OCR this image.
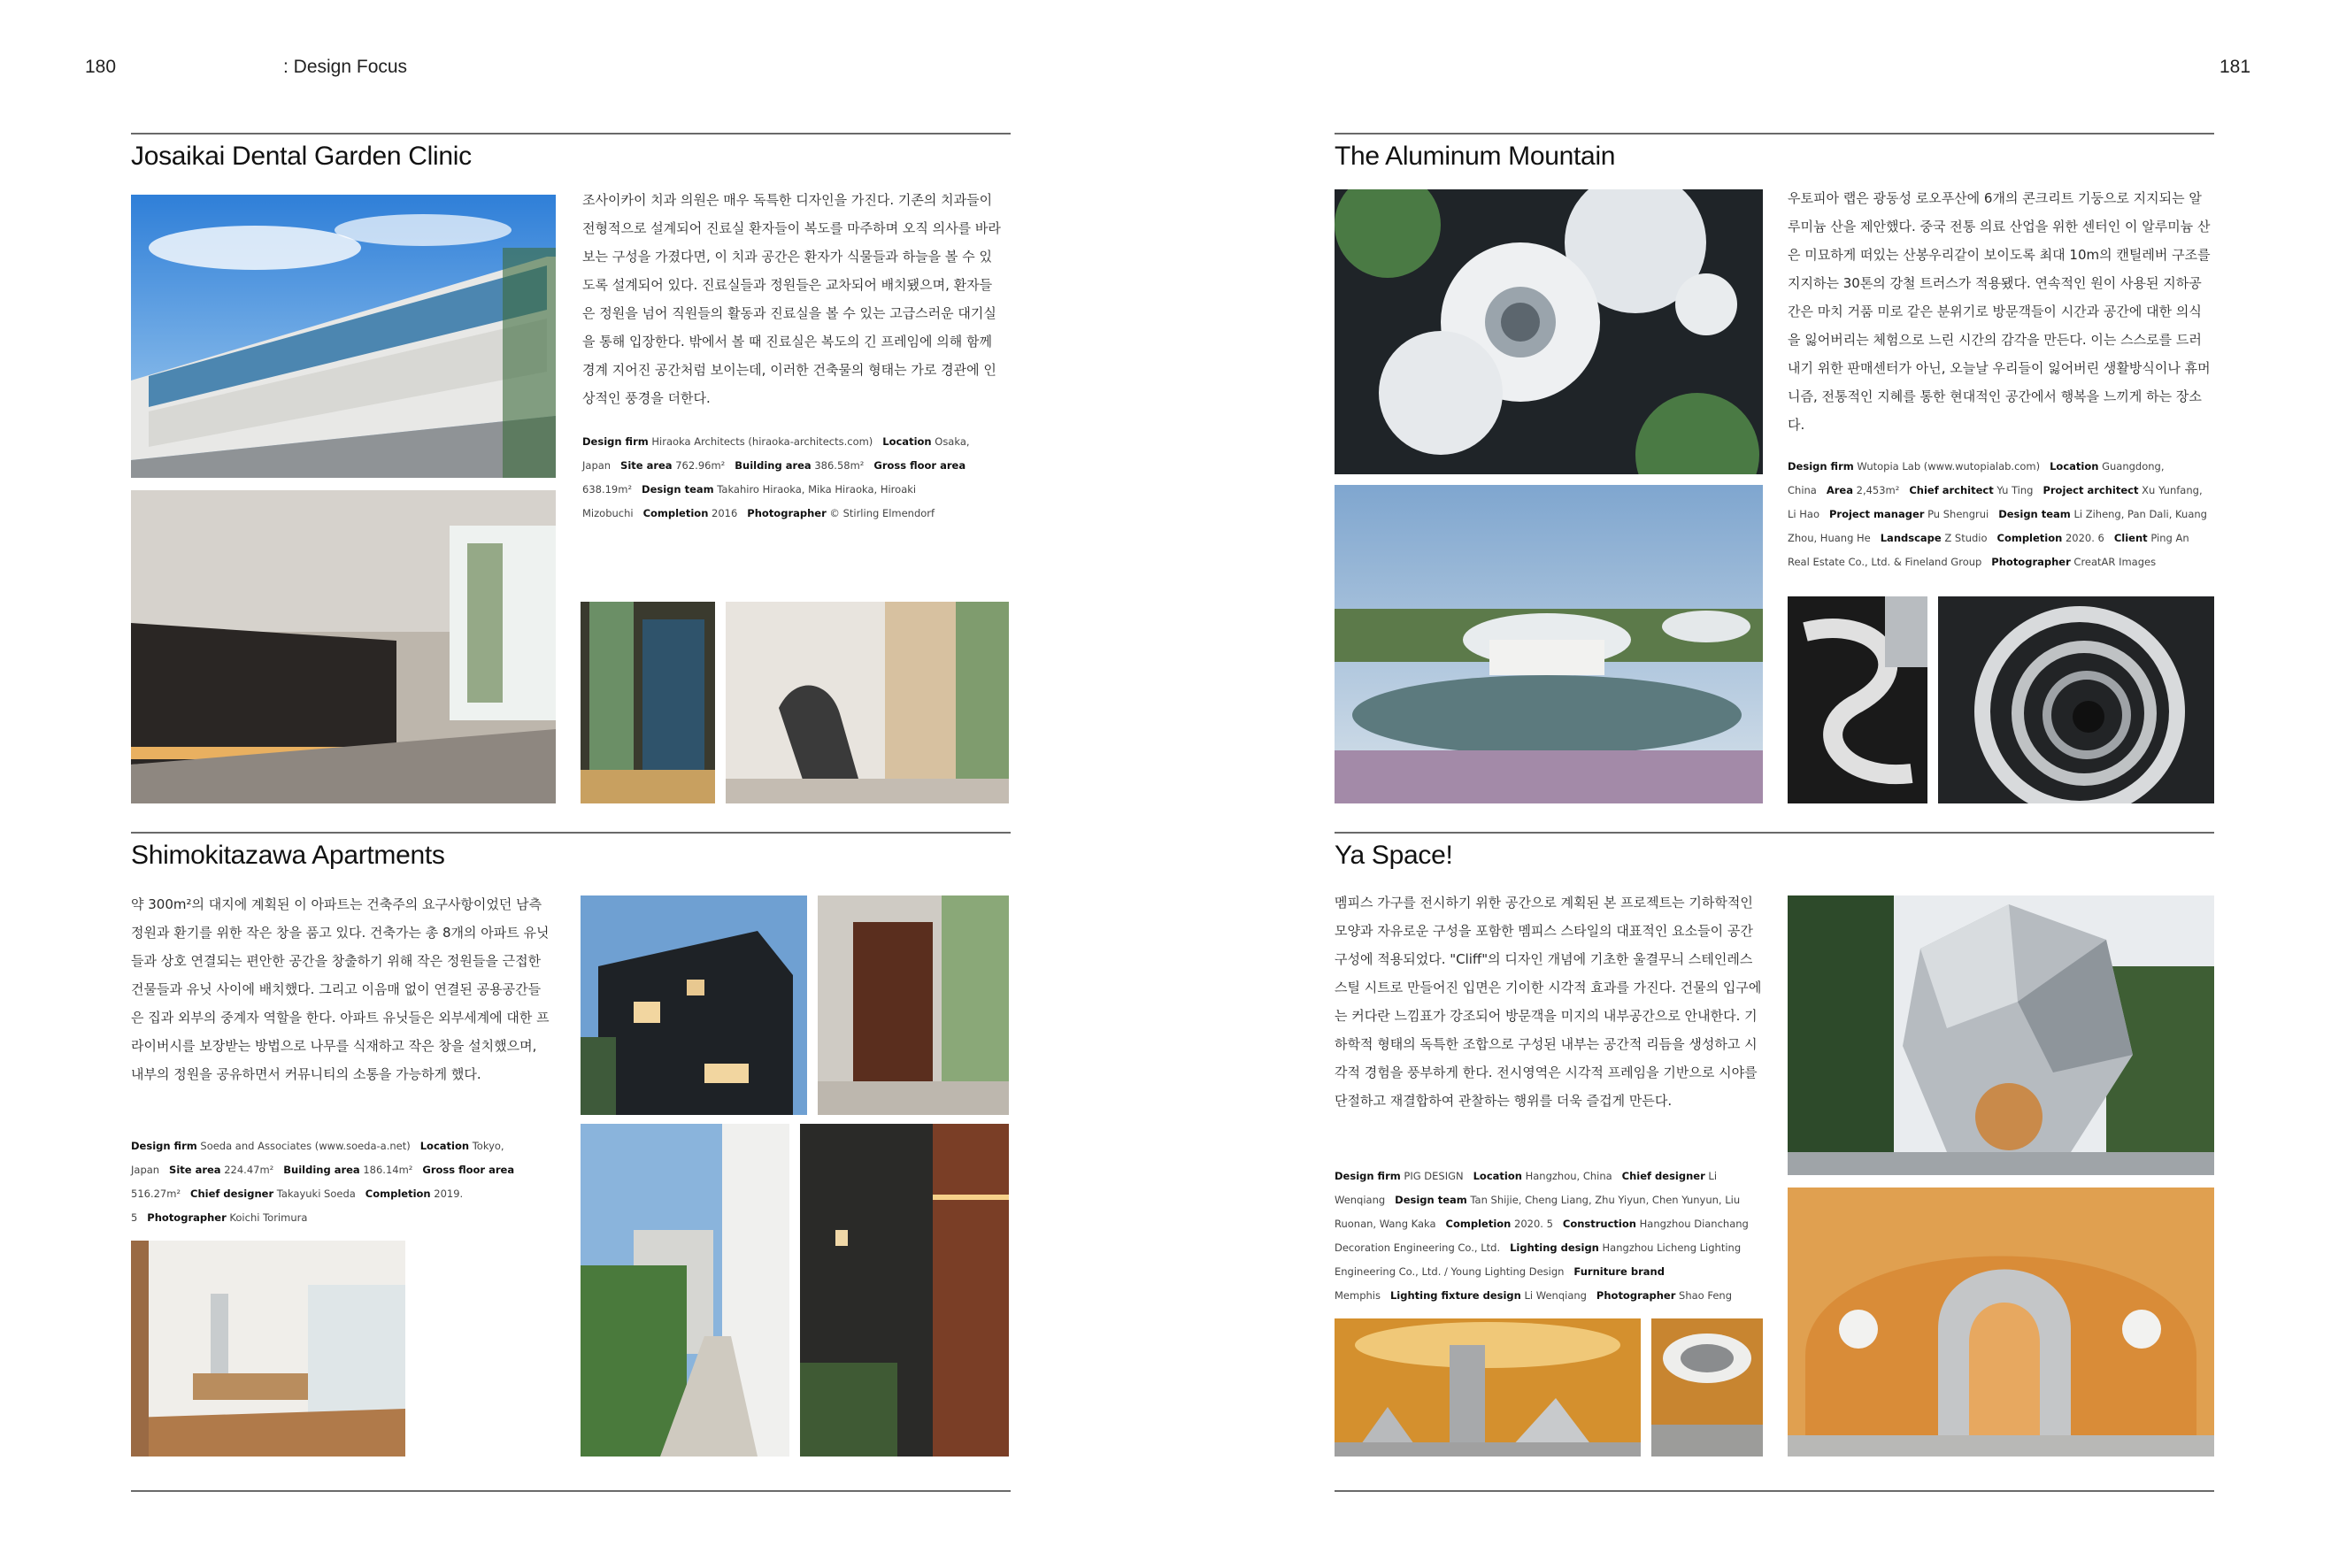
180	: Design Focus	181
Josaikai Dental Garden Clinic

조사이카이 치과 의원은 매우 독특한 디자인을 가진다. 기존의 치과들이 전형적으로 설계되어 진료실 환자들이 복도를 마주하며 오직 의사를 바라보는 구성을 가졌다면, 이 치과 공간은 환자가 식물들과 하늘을 볼 수 있도록 설계되어 있다. 진료실들과 정원들은 교차되어 배치됐으며, 환자들은 정원을 넘어 직원들의 활동과 진료실을 볼 수 있는 고급스러운 대기실을 통해 입장한다. 밖에서 볼 때 진료실은 복도의 긴 프레임에 의해 함께 경계 지어진 공간처럼 보이는데, 이러한 건축물의 형태는 가로 경관에 인상적인 풍경을 더한다.

Design firm Hiraoka Architects (hiraoka-architects.com) Location Osaka, Japan Site area 762.96m² Building area 386.58m² Gross floor area 638.19m² Design team Takahiro Hiraoka, Mika Hiraoka, Hiroaki Mizobuchi Completion 2016 Photographer © Stirling Elmendorf

The Aluminum Mountain

우토피아 랩은 광동성 로오푸산에 6개의 콘크리트 기둥으로 지지되는 알루미늄 산을 제안했다. 중국 전통 의료 산업을 위한 센터인 이 알루미늄 산은 미묘하게 떠있는 산봉우리같이 보이도록 최대 10m의 캔틸레버 구조를 지지하는 30톤의 강철 트러스가 적용됐다. 연속적인 원이 사용된 지하공간은 마치 거품 미로 같은 분위기로 방문객들이 시간과 공간에 대한 의식을 잃어버리는 체험으로 느린 시간의 감각을 만든다. 이는 스스로를 드러내기 위한 판매센터가 아닌, 오늘날 우리들이 잃어버린 생활방식이나 휴머니즘, 전통적인 지혜를 통한 현대적인 공간에서 행복을 느끼게 하는 장소다.

Design firm Wutopia Lab (www.wutopialab.com) Location Guangdong, China Area 2,453m² Chief architect Yu Ting Project architect Xu Yunfang, Li Hao Project manager Pu Shengrui Design team Li Ziheng, Pan Dali, Kuang Zhou, Huang He Landscape Z Studio Completion 2020. 6 Client Ping An Real Estate Co., Ltd. & Fineland Group Photographer CreatAR Images

Shimokitazawa Apartments

약 300m²의 대지에 계획된 이 아파트는 건축주의 요구사항이었던 남측 정원과 환기를 위한 작은 창을 품고 있다. 건축가는 총 8개의 아파트 유닛들과 상호 연결되는 편안한 공간을 창출하기 위해 작은 정원들을 근접한 건물들과 유닛 사이에 배치했다. 그리고 이음매 없이 연결된 공용공간들은 집과 외부의 중계자 역할을 한다. 아파트 유닛들은 외부세계에 대한 프라이버시를 보장받는 방법으로 나무를 식재하고 작은 창을 설치했으며, 내부의 정원을 공유하면서 커뮤니티의 소통을 가능하게 했다.

Design firm Soeda and Associates (www.soeda-a.net) Location Tokyo, Japan Site area 224.47m² Building area 186.14m² Gross floor area 516.27m² Chief designer Takayuki Soeda Completion 2019. 5 Photographer Koichi Torimura

Ya Space!

멤피스 가구를 전시하기 위한 공간으로 계획된 본 프로젝트는 기하학적인 모양과 자유로운 구성을 포함한 멤피스 스타일의 대표적인 요소들이 공간구성에 적용되었다. "Cliff"의 디자인 개념에 기초한 울결무늬 스테인레스 스틸 시트로 만들어진 입면은 기이한 시각적 효과를 가진다. 건물의 입구에는 커다란 느낌표가 강조되어 방문객을 미지의 내부공간으로 안내한다. 기하학적 형태의 독특한 조합으로 구성된 내부는 공간적 리듬을 생성하고 시각적 경험을 풍부하게 한다. 전시영역은 시각적 프레임을 기반으로 시야를 단절하고 재결합하여 관찰하는 행위를 더욱 즐겁게 만든다.

Design firm PIG DESIGN Location Hangzhou, China Chief designer Li Wenqiang Design team Tan Shijie, Cheng Liang, Zhu Yiyun, Chen Yunyun, Liu Ruonan, Wang Kaka Completion 2020. 5 Construction Hangzhou Dianchang Decoration Engineering Co., Ltd. Lighting design Hangzhou Licheng Lighting Engineering Co., Ltd. / Young Lighting Design Furniture brand Memphis Lighting fixture design Li Wenqiang Photographer Shao Feng
